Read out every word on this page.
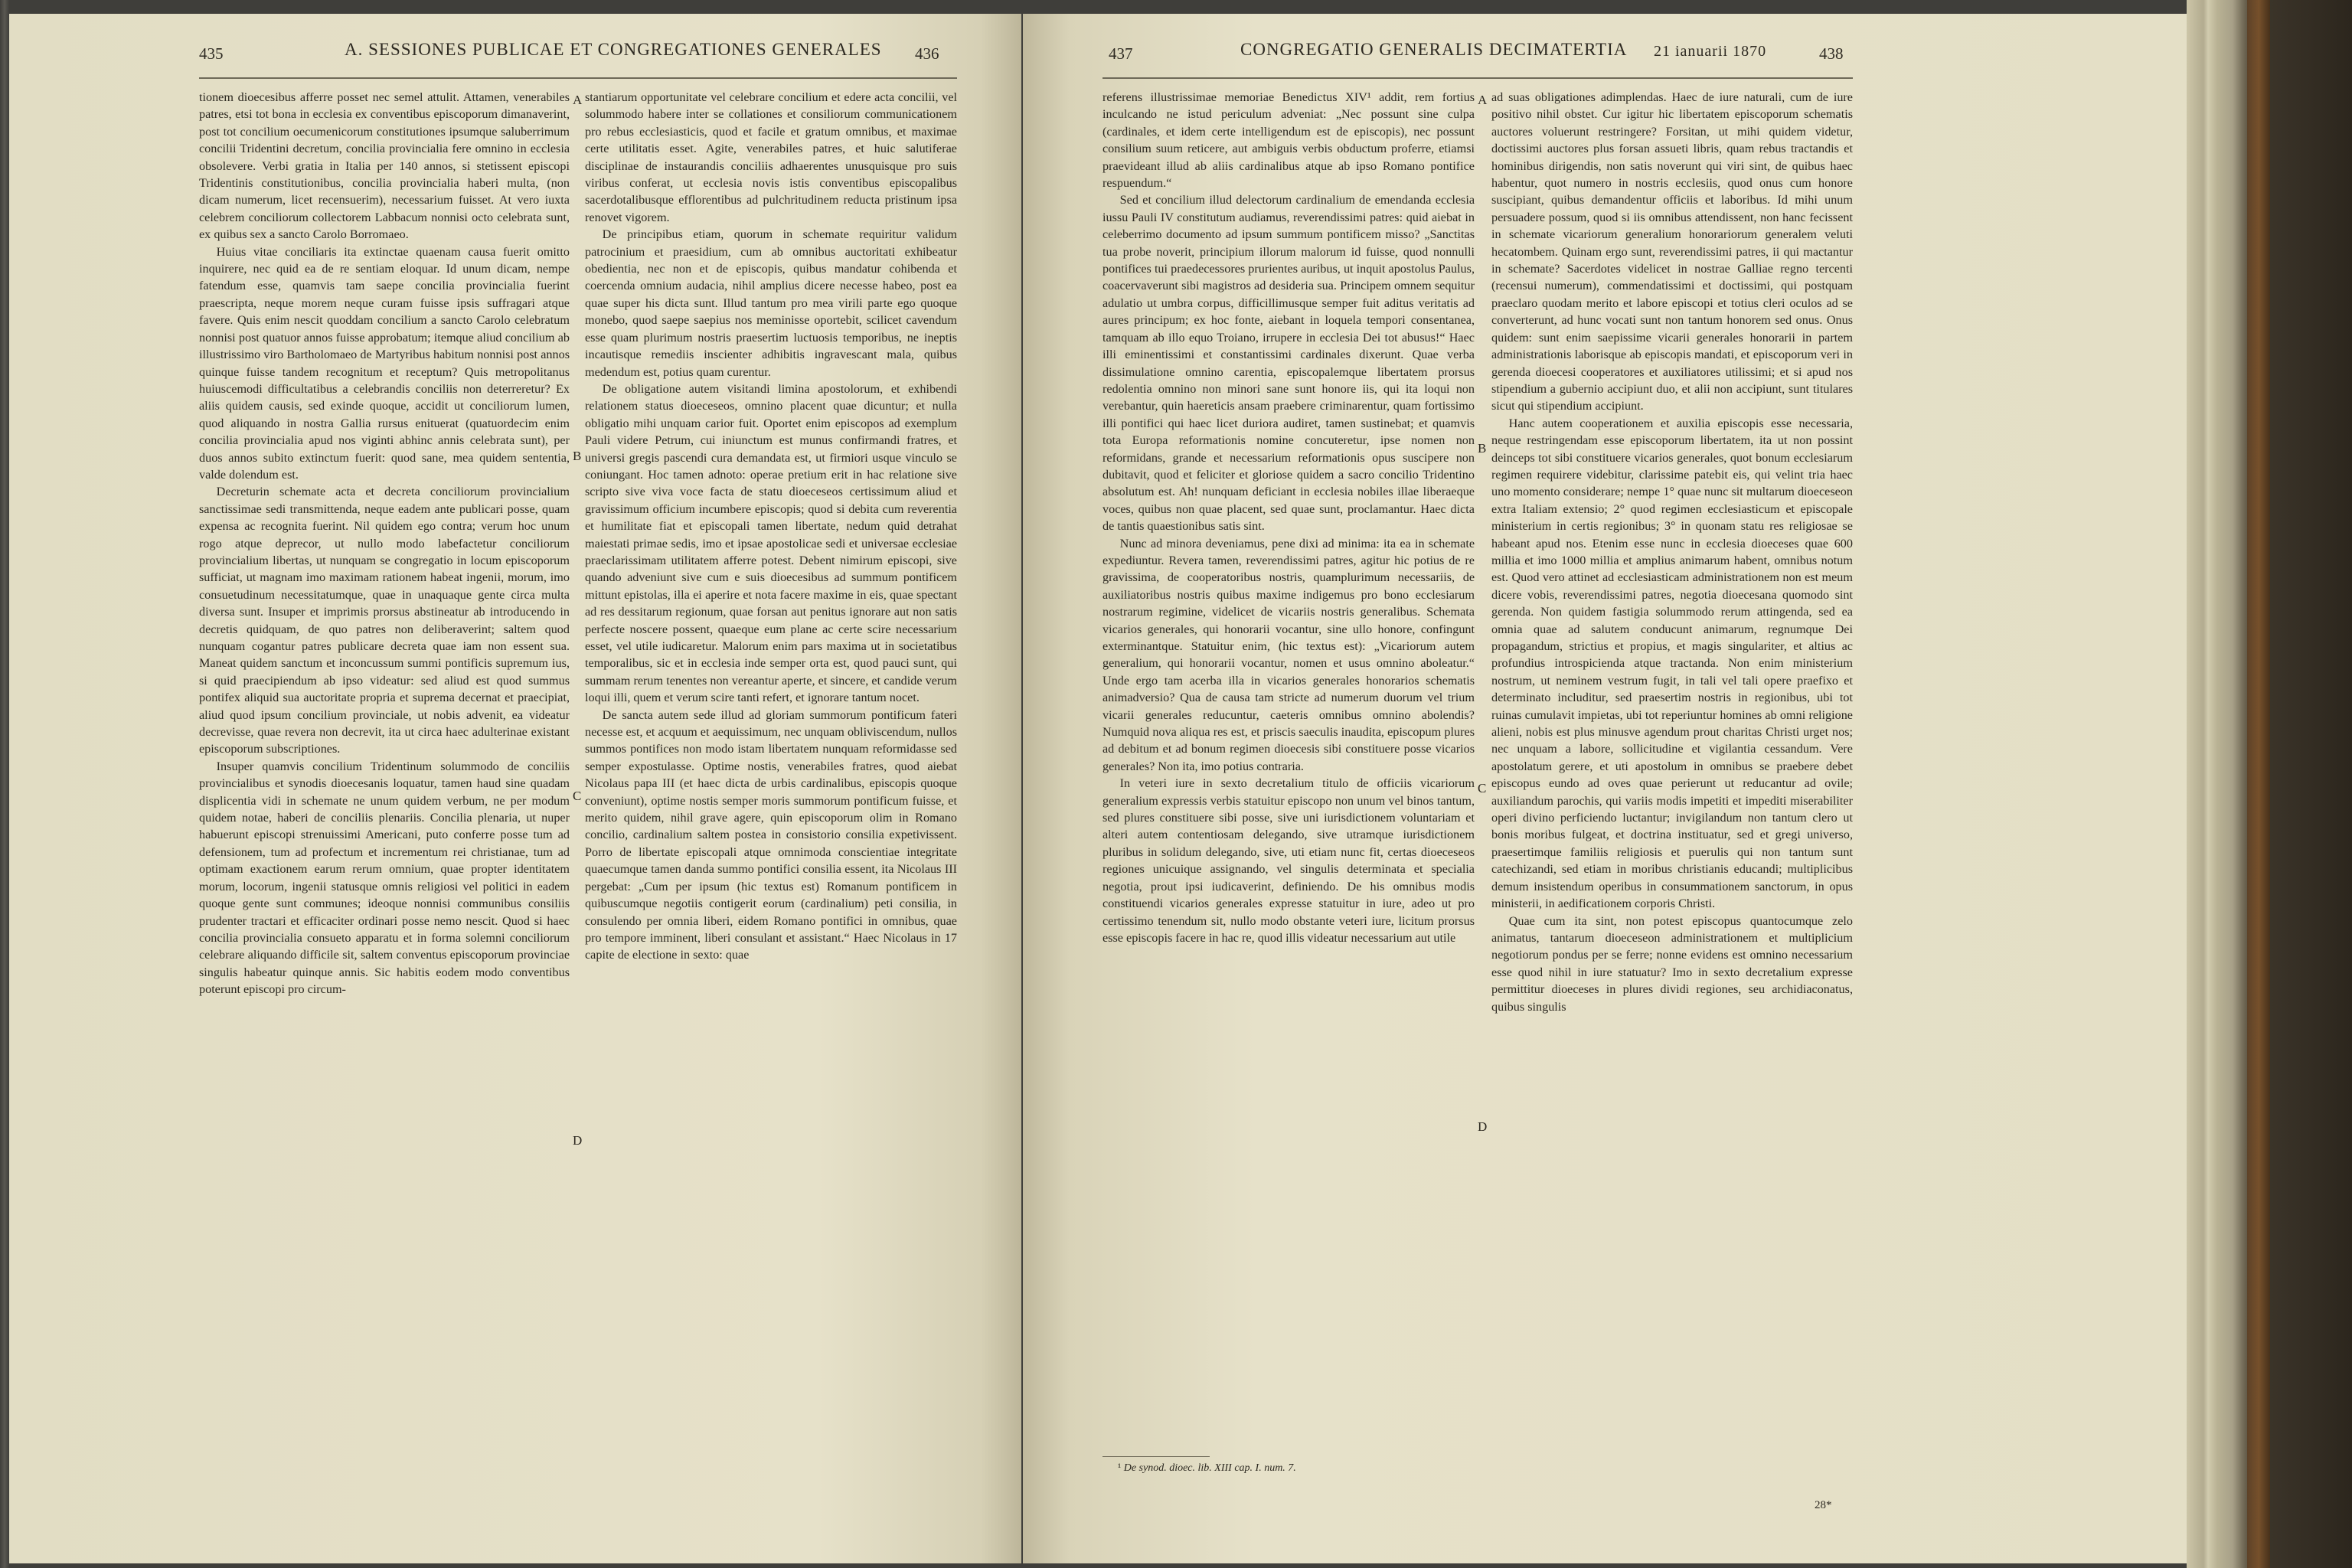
435	A. SESSIONES PUBLICAE ET CONGREGATIONES GENERALES 436

tionem dioecesibus afferre posset nec semel attulit. Attamen, venerabiles patres, etsi tot bona in ecclesia ex conventibus episcoporum dimanaverint, post tot concilium oecumenicorum constitutiones ipsumque saluberrimum concilii Tridentini decretum, concilia provincialia fere omnino in ecclesia obsolevere. Verbi gratia in Italia per 140 annos, si stetissent episcopi Tridentinis constitutionibus, concilia provincialia haberi multa, (non dicam numerum, licet recensuerim), necessarium fuisset. At vero iuxta celebrem conciliorum collectorem Labbacum nonnisi octo celebrata sunt, ex quibus sex a sancto Carolo Borromaeo.

Huius vitae conciliaris ita extinctae quaenam causa fuerit omitto inquirere, nec quid ea de re sentiam eloquar. Id unum dicam, nempe fatendum esse, quamvis tam saepe concilia provincialia fuerint praescripta, neque morem neque curam fuisse ipsis suffragari atque favere. Quis enim nescit quoddam concilium a sancto Carolo celebratum nonnisi post quatuor annos fuisse approbatum; itemque aliud concilium ab illustrissimo viro Bartholomaeo de Martyribus habitum nonnisi post annos quinque fuisse tandem recognitum et receptum? Quis metropolitanus huiuscemodi difficultatibus a celebrandis conciliis non deterreretur? Ex aliis quidem causis, sed exinde quoque, accidit ut conciliorum lumen, quod aliquando in nostra Gallia rursus enituerat (quatuordecim enim concilia provincialia apud nos viginti abhinc annis celebrata sunt), per duos annos subito extinctum fuerit: quod sane, mea quidem sententia, valde dolendum est.

Decreturin schemate acta et decreta conciliorum provincialium sanctissimae sedi transmittenda, neque eadem ante publicari posse, quam expensa ac recognita fuerint. Nil quidem ego contra; verum hoc unum rogo atque deprecor, ut nullo modo labefactetur conciliorum provincialium libertas, ut nunquam se congregatio in locum episcoporum sufficiat, ut magnam imo maximam rationem habeat ingenii, morum, imo consuetudinum necessitatumque, quae in unaquaque gente circa multa diversa sunt. Insuper et imprimis prorsus abstineatur ab introducendo in decretis quidquam, de quo patres non deliberaverint; saltem quod nunquam cogantur patres publicare decreta quae iam non essent sua. Maneat quidem sanctum et inconcussum summi pontificis supremum ius, si quid praecipiendum ab ipso videatur: sed aliud est quod summus pontifex aliquid sua auctoritate propria et suprema decernat et praecipiat, aliud quod ipsum concilium provinciale, ut nobis advenit, ea videatur decrevisse, quae revera non decrevit, ita ut circa haec adulterinae existant episcoporum subscriptiones.

Insuper quamvis concilium Tridentinum solummodo de conciliis provincialibus et synodis dioecesanis loquatur, tamen haud sine quadam displicentia vidi in schemate ne unum quidem verbum, ne per modum quidem notae, haberi de conciliis plenariis. Concilia plenaria, ut nuper habuerunt episcopi strenuissimi Americani, puto conferre posse tum ad defensionem, tum ad profectum et incrementum rei christianae, tum ad optimam exactionem earum rerum omnium, quae propter identitatem morum, locorum, ingenii statusque omnis religiosi vel politici in eadem quoque gente sunt communes; ideoque nonnisi communibus consiliis prudenter tractari et efficaciter ordinari posse nemo nescit. Quod si haec concilia provincialia consueto apparatu et in forma solemni conciliorum celebrare aliquando difficile sit, saltem conventus episcoporum provinciae singulis habeatur quinque annis. Sic habitis eodem modo conventibus poterunt episcopi pro circum-

A
B
C
D

stantiarum opportunitate vel celebrare concilium et edere acta concilii, vel solummodo habere inter se collationes et consiliorum communicationem pro rebus ecclesiasticis, quod et facile et gratum omnibus, et maximae certe utilitatis esset. Agite, venerabiles patres, et huic salutiferae disciplinae de instaurandis conciliis adhaerentes unusquisque pro suis viribus conferat, ut ecclesia novis istis conventibus episcopalibus sacerdotalibusque efflorentibus ad pulchritudinem reducta pristinum ipsa renovet vigorem.

De principibus etiam, quorum in schemate requiritur validum patrocinium et praesidium, cum ab omnibus auctoritati exhibeatur obedientia, nec non et de episcopis, quibus mandatur cohibenda et coercenda omnium audacia, nihil amplius dicere necesse habeo, post ea quae super his dicta sunt. Illud tantum pro mea virili parte ego quoque monebo, quod saepe saepius nos meminisse oportebit, scilicet cavendum esse quam plurimum nostris praesertim luctuosis temporibus, ne ineptis incautisque remediis inscienter adhibitis ingravescant mala, quibus medendum est, potius quam curentur.

De obligatione autem visitandi limina apostolorum, et exhibendi relationem status dioeceseos, omnino placent quae dicuntur; et nulla obligatio mihi unquam carior fuit. Oportet enim episcopos ad exemplum Pauli videre Petrum, cui iniunctum est munus confirmandi fratres, et universi gregis pascendi cura demandata est, ut firmiori usque vinculo se coniungant. Hoc tamen adnoto: operae pretium erit in hac relatione sive scripto sive viva voce facta de statu dioeceseos certissimum aliud et gravissimum officium incumbere episcopis; quod si debita cum reverentia et humilitate fiat et episcopali tamen libertate, nedum quid detrahat maiestati primae sedis, imo et ipsae apostolicae sedi et universae ecclesiae praeclarissimam utilitatem afferre potest. Debent nimirum episcopi, sive quando adveniunt sive cum e suis dioecesibus ad summum pontificem mittunt epistolas, illa ei aperire et nota facere maxime in eis, quae spectant ad res dessitarum regionum, quae forsan aut penitus ignorare aut non satis perfecte noscere possent, quaeque eum plane ac certe scire necessarium esset, vel utile iudicaretur. Malorum enim pars maxima ut in societatibus temporalibus, sic et in ecclesia inde semper orta est, quod pauci sunt, qui summam rerum tenentes non vereantur aperte, et sincere, et candide verum loqui illi, quem et verum scire tanti refert, et ignorare tantum nocet.

De sancta autem sede illud ad gloriam summorum pontificum fateri necesse est, et acquum et aequissimum, nec unquam obliviscendum, nullos summos pontifices non modo istam libertatem nunquam reformidasse sed semper expostulasse. Optime nostis, venerabiles fratres, quod aiebat Nicolaus papa III (et haec dicta de urbis cardinalibus, episcopis quoque conveniunt), optime nostis semper moris summorum pontificum fuisse, et merito quidem, nihil grave agere, quin episcoporum olim in Romano concilio, cardinalium saltem postea in consistorio consilia expetivissent. Porro de libertate episcopali atque omnimoda conscientiae integritate quaecumque tamen danda summo pontifici consilia essent, ita Nicolaus III pergebat: „Cum per ipsum (hic textus est) Romanum pontificem in quibuscumque negotiis contigerit eorum (cardinalium) peti consilia, in consulendo per omnia liberi, eidem Romano pontifici in omnibus, quae pro tempore imminent, liberi consulant et assistant.“ Haec Nicolaus in 17 capite de electione in sexto: quae

437	CONGREGATIO GENERALIS DECIMATERTIA 21 ianuarii 1870	438

referens illustrissimae memoriae Benedictus XIV¹ addit, rem fortius inculcando ne istud periculum adveniat: „Nec possunt sine culpa (cardinales, et idem certe intelligendum est de episcopis), nec possunt consilium suum reticere, aut ambiguis verbis obductum proferre, etiamsi praevideant illud ab aliis cardinalibus atque ab ipso Romano pontifice respuendum.“

Sed et concilium illud delectorum cardinalium de emendanda ecclesia iussu Pauli IV constitutum audiamus, reverendissimi patres: quid aiebat in celeberrimo documento ad ipsum summum pontificem misso? „Sanctitas tua probe noverit, principium illorum malorum id fuisse, quod nonnulli pontifices tui praedecessores prurientes auribus, ut inquit apostolus Paulus, coacervaverunt sibi magistros ad desideria sua. Principem omnem sequitur adulatio ut umbra corpus, difficillimusque semper fuit aditus veritatis ad aures principum; ex hoc fonte, aiebant in loquela tempori consentanea, tamquam ab illo equo Troiano, irrupere in ecclesia Dei tot abusus!“ Haec illi eminentissimi et constantissimi cardinales dixerunt. Quae verba dissimulatione omnino carentia, episcopalemque libertatem prorsus redolentia omnino non minori sane sunt honore iis, qui ita loqui non verebantur, quin haereticis ansam praebere criminarentur, quam fortissimo illi pontifici qui haec licet duriora audiret, tamen sustinebat; et quamvis tota Europa reformationis nomine concuteretur, ipse nomen non reformidans, grande et necessarium reformationis opus suscipere non dubitavit, quod et feliciter et gloriose quidem a sacro concilio Tridentino absolutum est. Ah! nunquam deficiant in ecclesia nobiles illae liberaeque voces, quibus non quae placent, sed quae sunt, proclamantur. Haec dicta de tantis quaestionibus satis sint.

Nunc ad minora deveniamus, pene dixi ad minima: ita ea in schemate expediuntur. Revera tamen, reverendissimi patres, agitur hic potius de re gravissima, de cooperatoribus nostris, quamplurimum necessariis, de auxiliatoribus nostris quibus maxime indigemus pro bono ecclesiarum nostrarum regimine, videlicet de vicariis nostris generalibus. Schemata vicarios generales, qui honorarii vocantur, sine ullo honore, confingunt exterminantque. Statuitur enim, (hic textus est): „Vicariorum autem generalium, qui honorarii vocantur, nomen et usus omnino aboleatur.“ Unde ergo tam acerba illa in vicarios generales honorarios schematis animadversio? Qua de causa tam stricte ad numerum duorum vel trium vicarii generales reducuntur, caeteris omnibus omnino abolendis? Numquid nova aliqua res est, et priscis saeculis inaudita, episcopum plures ad debitum et ad bonum regimen dioecesis sibi constituere posse vicarios generales? Non ita, imo potius contraria.

In veteri iure in sexto decretalium titulo de officiis vicariorum generalium expressis verbis statuitur episcopo non unum vel binos tantum, sed plures constituere sibi posse, sive uni iurisdictionem voluntariam et alteri autem contentiosam delegando, sive utramque iurisdictionem pluribus in solidum delegando, sive, uti etiam nunc fit, certas dioeceseos regiones unicuique assignando, vel singulis determinata et specialia negotia, prout ipsi iudicaverint, definiendo. De his omnibus modis constituendi vicarios generales expresse statuitur in iure, adeo ut pro certissimo tenendum sit, nullo modo obstante veteri iure, licitum prorsus esse episcopis facere in hac re, quod illis videatur necessarium aut utile

A
B
C
D

ad suas obligationes adimplendas. Haec de iure naturali, cum de iure positivo nihil obstet. Cur igitur hic libertatem episcoporum schematis auctores voluerunt restringere? Forsitan, ut mihi quidem videtur, doctissimi auctores plus forsan assueti libris, quam rebus tractandis et hominibus dirigendis, non satis noverunt qui viri sint, de quibus haec habentur, quot numero in nostris ecclesiis, quod onus cum honore suscipiant, quibus demandentur officiis et laboribus. Id mihi unum persuadere possum, quod si iis omnibus attendissent, non hanc fecissent in schemate vicariorum generalium honorariorum generalem veluti hecatombem. Quinam ergo sunt, reverendissimi patres, ii qui mactantur in schemate? Sacerdotes videlicet in nostrae Galliae regno tercenti (recensui numerum), commendatissimi et doctissimi, qui postquam praeclaro quodam merito et labore episcopi et totius cleri oculos ad se converterunt, ad hunc vocati sunt non tantum honorem sed onus. Onus quidem: sunt enim saepissime vicarii generales honorarii in partem administrationis laborisque ab episcopis mandati, et episcoporum veri in gerenda dioecesi cooperatores et auxiliatores utilissimi; et si apud nos stipendium a gubernio accipiunt duo, et alii non accipiunt, sunt titulares sicut qui stipendium accipiunt.

Hanc autem cooperationem et auxilia episcopis esse necessaria, neque restringendam esse episcoporum libertatem, ita ut non possint deinceps tot sibi constituere vicarios generales, quot bonum ecclesiarum regimen requirere videbitur, clarissime patebit eis, qui velint tria haec uno momento considerare; nempe 1° quae nunc sit multarum dioeceseon extra Italiam extensio; 2° quod regimen ecclesiasticum et episcopale ministerium in certis regionibus; 3° in quonam statu res religiosae se habeant apud nos. Etenim esse nunc in ecclesia dioeceses quae 600 millia et imo 1000 millia et amplius animarum habent, omnibus notum est. Quod vero attinet ad ecclesiasticam administrationem non est meum dicere vobis, reverendissimi patres, negotia dioecesana quomodo sint gerenda. Non quidem fastigia solummodo rerum attingenda, sed ea omnia quae ad salutem conducunt animarum, regnumque Dei propagandum, strictius et propius, et magis singulariter, et altius ac profundius introspicienda atque tractanda. Non enim ministerium nostrum, ut neminem vestrum fugit, in tali vel tali opere praefixo et determinato includitur, sed praesertim nostris in regionibus, ubi tot ruinas cumulavit impietas, ubi tot reperiuntur homines ab omni religione alieni, nobis est plus minusve agendum prout charitas Christi urget nos; nec unquam a labore, sollicitudine et vigilantia cessandum. Vere apostolatum gerere, et uti apostolum in omnibus se praebere debet episcopus eundo ad oves quae perierunt ut reducantur ad ovile; auxiliandum parochis, qui variis modis impetiti et impediti miserabiliter operi divino perficiendo luctantur; invigilandum non tantum clero ut bonis moribus fulgeat, et doctrina instituatur, sed et gregi universo, praesertimque familiis religiosis et puerulis qui non tantum sunt catechizandi, sed etiam in moribus christianis educandi; multiplicibus demum insistendum operibus in consummationem sanctorum, in opus ministerii, in aedificationem corporis Christi.

Quae cum ita sint, non potest episcopus quantocumque zelo animatus, tantarum dioeceseon administrationem et multiplicium negotiorum pondus per se ferre; nonne evidens est omnino necessarium esse quod nihil in iure statuatur? Imo in sexto decretalium expresse permittitur dioeceses in plures dividi regiones, seu archidiaconatus, quibus singulis

¹ De synod. dioec. lib. XIII cap. I. num. 7.
28*
